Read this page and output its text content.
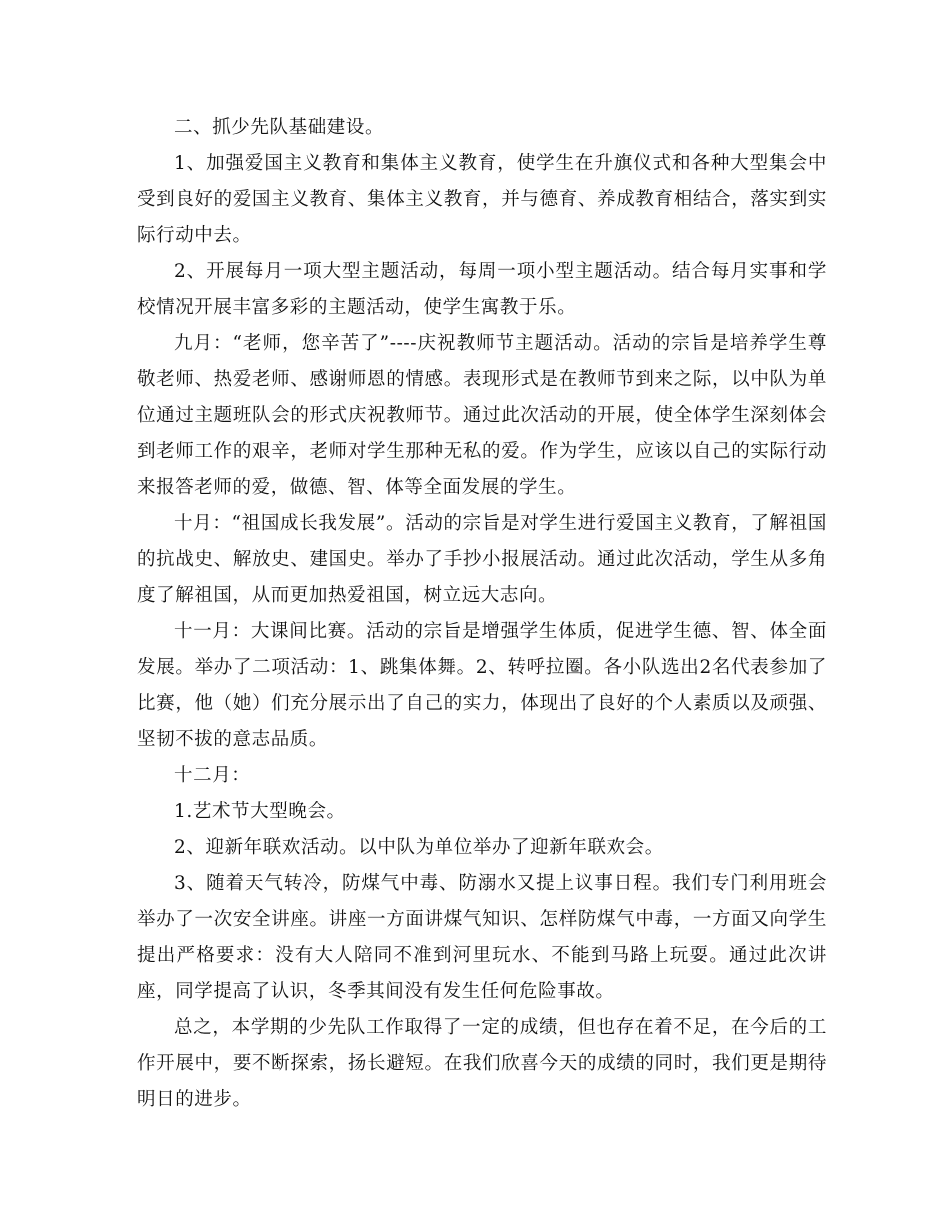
二、抓少先队基础建设。

1、加强爱国主义教育和集体主义教育，使学生在升旗仪式和各种大型集会中受到良好的爱国主义教育、集体主义教育，并与德育、养成教育相结合，落实到实际行动中去。

2、开展每月一项大型主题活动，每周一项小型主题活动。结合每月实事和学校情况开展丰富多彩的主题活动，使学生寓教于乐。

九月：“老师，您辛苦了”----庆祝教师节主题活动。活动的宗旨是培养学生尊敬老师、热爱老师、感谢师恩的情感。表现形式是在教师节到来之际，以中队为单位通过主题班队会的形式庆祝教师节。通过此次活动的开展，使全体学生深刻体会到老师工作的艰辛，老师对学生那种无私的爱。作为学生，应该以自己的实际行动来报答老师的爱，做德、智、体等全面发展的学生。

十月：“祖国成长我发展”。活动的宗旨是对学生进行爱国主义教育，了解祖国的抗战史、解放史、建国史。举办了手抄小报展活动。通过此次活动，学生从多角度了解祖国，从而更加热爱祖国，树立远大志向。

十一月：大课间比赛。活动的宗旨是增强学生体质，促进学生德、智、体全面发展。举办了二项活动：1、跳集体舞。2、转呼拉圈。各小队选出2名代表参加了比赛，他（她）们充分展示出了自己的实力，体现出了良好的个人素质以及顽强、坚韧不拔的意志品质。

十二月：

1.艺术节大型晚会。

2、迎新年联欢活动。以中队为单位举办了迎新年联欢会。

3、随着天气转冷，防煤气中毒、防溺水又提上议事日程。我们专门利用班会举办了一次安全讲座。讲座一方面讲煤气知识、怎样防煤气中毒，一方面又向学生提出严格要求：没有大人陪同不准到河里玩水、不能到马路上玩耍。通过此次讲座，同学提高了认识，冬季其间没有发生任何危险事故。

总之，本学期的少先队工作取得了一定的成绩，但也存在着不足，在今后的工作开展中，要不断探索，扬长避短。在我们欣喜今天的成绩的同时，我们更是期待明日的进步。
